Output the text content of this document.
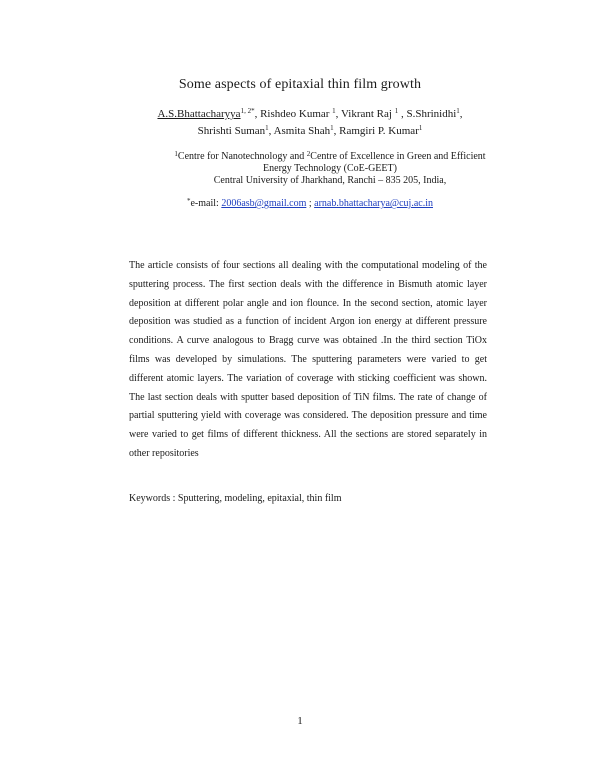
Some aspects of epitaxial thin film growth
A.S.Bhattacharyya$^{1, 2*}$, Rishdeo Kumar $^1$, Vikrant Raj $^1$ , S.Shrinidhi$^1$,
Shrishti Suman$^1$, Asmita Shah$^1$, Ramgiri P. Kumar$^1$
$^1$Centre for Nanotechnology and $^2$Centre of Excellence in Green and Efficient Energy Technology (CoE-GEET)
Central University of Jharkhand, Ranchi – 835 205, India,
*e-mail: 2006asb@gmail.com ; arnab.bhattacharya@cuj.ac.in
The article consists of four sections all dealing with the computational modeling of the sputtering process. The first section deals with the difference in Bismuth atomic layer deposition at different polar angle and ion flounce. In the second section, atomic layer deposition was studied as a function of incident Argon ion energy at different pressure conditions. A curve analogous to Bragg curve was obtained .In the third section TiOx films was developed by simulations. The sputtering parameters were varied to get different atomic layers. The variation of coverage with sticking coefficient was shown. The last section deals with sputter based deposition of TiN films. The rate of change of partial sputtering yield with coverage was considered. The deposition pressure and time were varied to get films of different thickness. All the sections are stored separately in other repositories
Keywords : Sputtering, modeling, epitaxial, thin film
1
